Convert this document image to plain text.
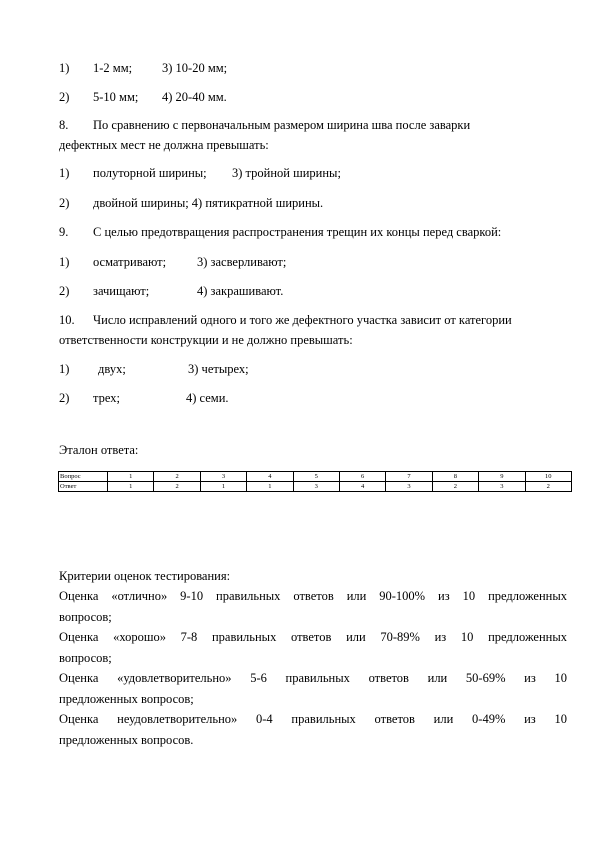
1) 1-2 мм; 3) 10-20 мм;
2) 5-10 мм; 4) 20-40 мм.
8. По сравнению с первоначальным размером ширина шва после заварки
дефектных мест не должна превышать:
1) полуторной ширины; 3) тройной ширины;
2) двойной ширины; 4) пятикратной ширины.
9. С целью предотвращения распространения трещин их концы перед сваркой:
1) осматривают; 3) засверливают;
2) зачищают;	4) закрашивают.
10. Число исправлений одного и того же дефектного участка зависит от категории
ответственности конструкции и не должно превышать:
1) двух;	3) четырех;
2) трех;	4) семи.
Эталон ответа:
Вопрос	1	2	3	4	5	6	7	8	9	10
Ответ	1	2	1	1	3	4	3	2	3	2
Критерии оценок тестирования:
Оценка «отлично» 9-10 правильных ответов или 90-100% из 10 предложенных
вопросов;
Оценка «хорошо» 7-8 правильных ответов или 70-89% из 10 предложенных
вопросов;
Оценка «удовлетворительно» 5-6 правильных ответов или 50-69% из 10
предложенных вопросов;
Оценка неудовлетворительно» 0-4 правильных ответов или 0-49% из 10
предложенных вопросов.
